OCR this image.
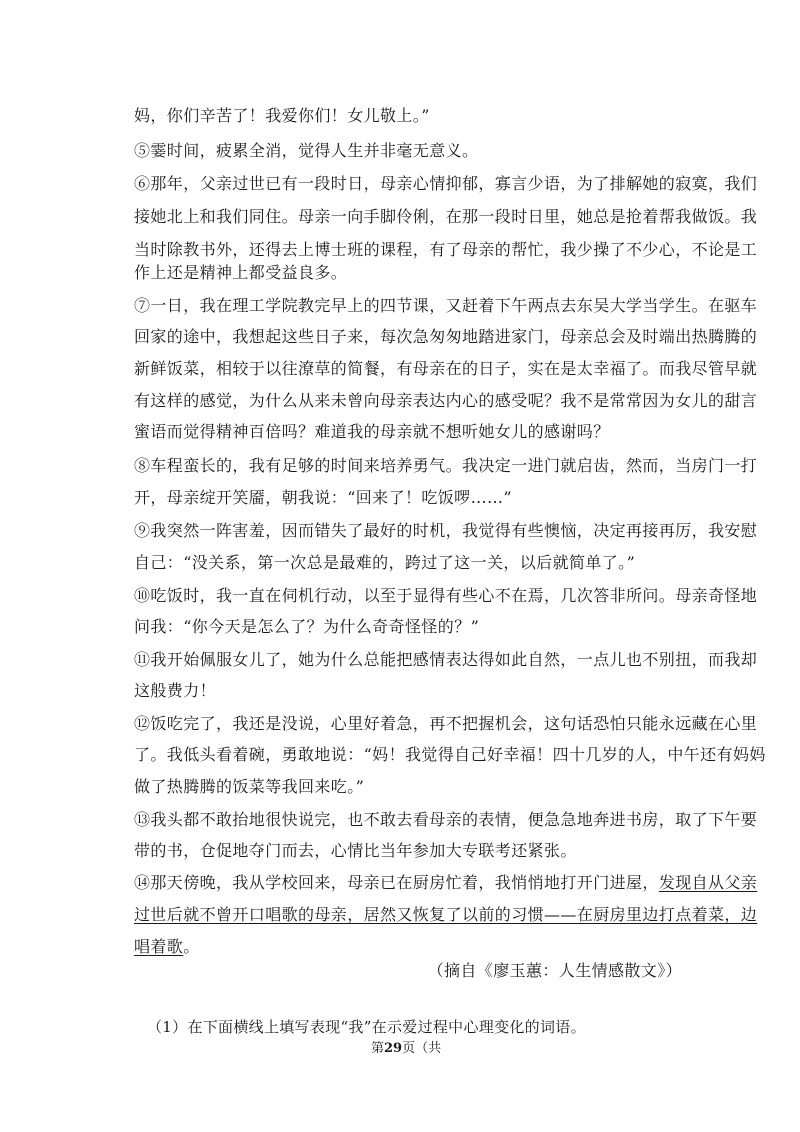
妈，你们辛苦了！我爱你们！女儿敬上。”
⑤霎时间，疲累全消，觉得人生并非毫无意义。
⑥那年，父亲过世已有一段时日，母亲心情抑郁，寡言少语，为了排解她的寂寞，我们
接她北上和我们同住。母亲一向手脚伶俐，在那一段时日里，她总是抢着帮我做饭。我
当时除教书外，还得去上博士班的课程，有了母亲的帮忙，我少操了不少心，不论是工
作上还是精神上都受益良多。
⑦一日，我在理工学院教完早上的四节课，又赶着下午两点去东吴大学当学生。在驱车
回家的途中，我想起这些日子来，每次急匆匆地踏进家门，母亲总会及时端出热腾腾的
新鲜饭菜，相较于以往潦草的简餐，有母亲在的日子，实在是太幸福了。而我尽管早就
有这样的感觉，为什么从来未曾向母亲表达内心的感受呢？我不是常常因为女儿的甜言
蜜语而觉得精神百倍吗？难道我的母亲就不想听她女儿的感谢吗？
⑧车程蛮长的，我有足够的时间来培养勇气。我决定一进门就启齿，然而，当房门一打
开，母亲绽开笑靥，朝我说：“回来了！吃饭啰……”
⑨我突然一阵害羞，因而错失了最好的时机，我觉得有些懊恼，决定再接再厉，我安慰
自己：“没关系，第一次总是最难的，跨过了这一关，以后就简单了。”
⑩吃饭时，我一直在伺机行动，以至于显得有些心不在焉，几次答非所问。母亲奇怪地
问我：“你今天是怎么了？为什么奇奇怪怪的？”
⑪我开始佩服女儿了，她为什么总能把感情表达得如此自然，一点儿也不别扭，而我却
这般费力！
⑫饭吃完了，我还是没说，心里好着急，再不把握机会，这句话恐怕只能永远藏在心里
了。我低头看着碗，勇敢地说：“妈！我觉得自己好幸福！四十几岁的人，中午还有妈妈
做了热腾腾的饭菜等我回来吃。”
⑬我头都不敢抬地很快说完，也不敢去看母亲的表情，便急急地奔进书房，取了下午要
带的书，仓促地夺门而去，心情比当年参加大专联考还紧张。
⑭那天傍晚，我从学校回来，母亲已在厨房忙着，我悄悄地打开门进屋，发现自从父亲
过世后就不曾开口唱歌的母亲，居然又恢复了以前的习惯——在厨房里边打点着菜，边
唱着歌。
（摘自《廖玉蕙：人生情感散文》）
（1）在下面横线上填写表现“我”在示爱过程中心理变化的词语。
第29页（共
